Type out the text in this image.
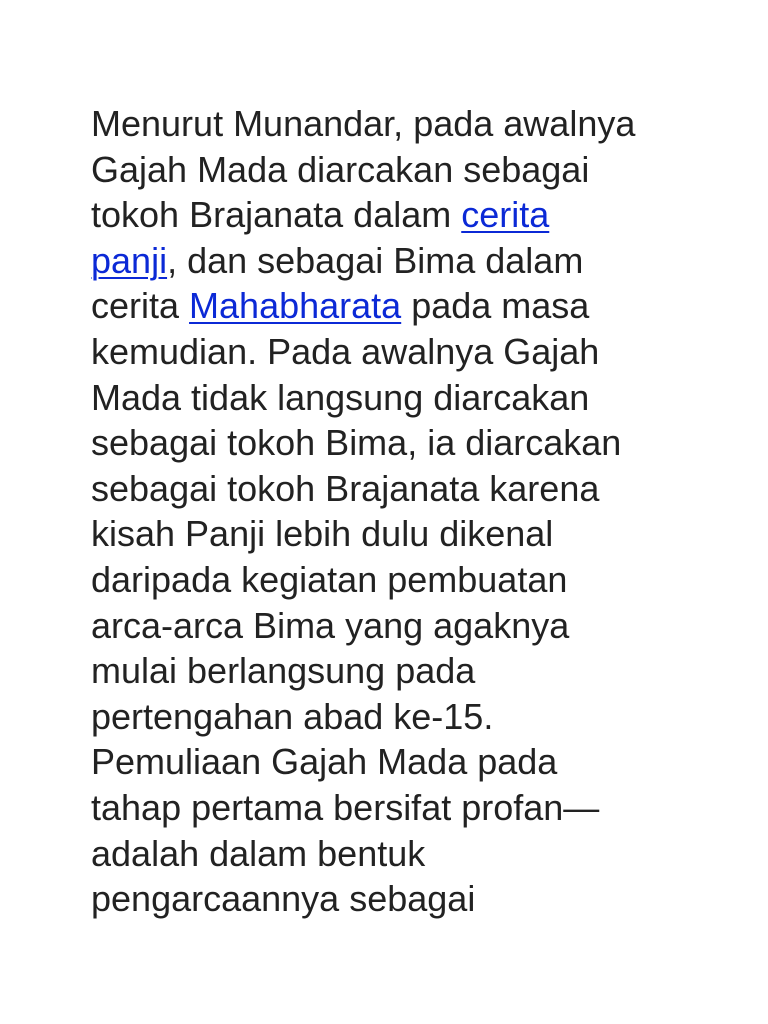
Menurut Munandar, pada awalnya
Gajah Mada diarcakan sebagai
tokoh Brajanata dalam cerita
panji, dan sebagai Bima dalam
cerita Mahabharata pada masa
kemudian. Pada awalnya Gajah
Mada tidak langsung diarcakan
sebagai tokoh Bima, ia diarcakan
sebagai tokoh Brajanata karena
kisah Panji lebih dulu dikenal
daripada kegiatan pembuatan
arca-arca Bima yang agaknya
mulai berlangsung pada
pertengahan abad ke-15.
Pemuliaan Gajah Mada pada
tahap pertama bersifat profan—
adalah dalam bentuk
pengarcaannya sebagai
